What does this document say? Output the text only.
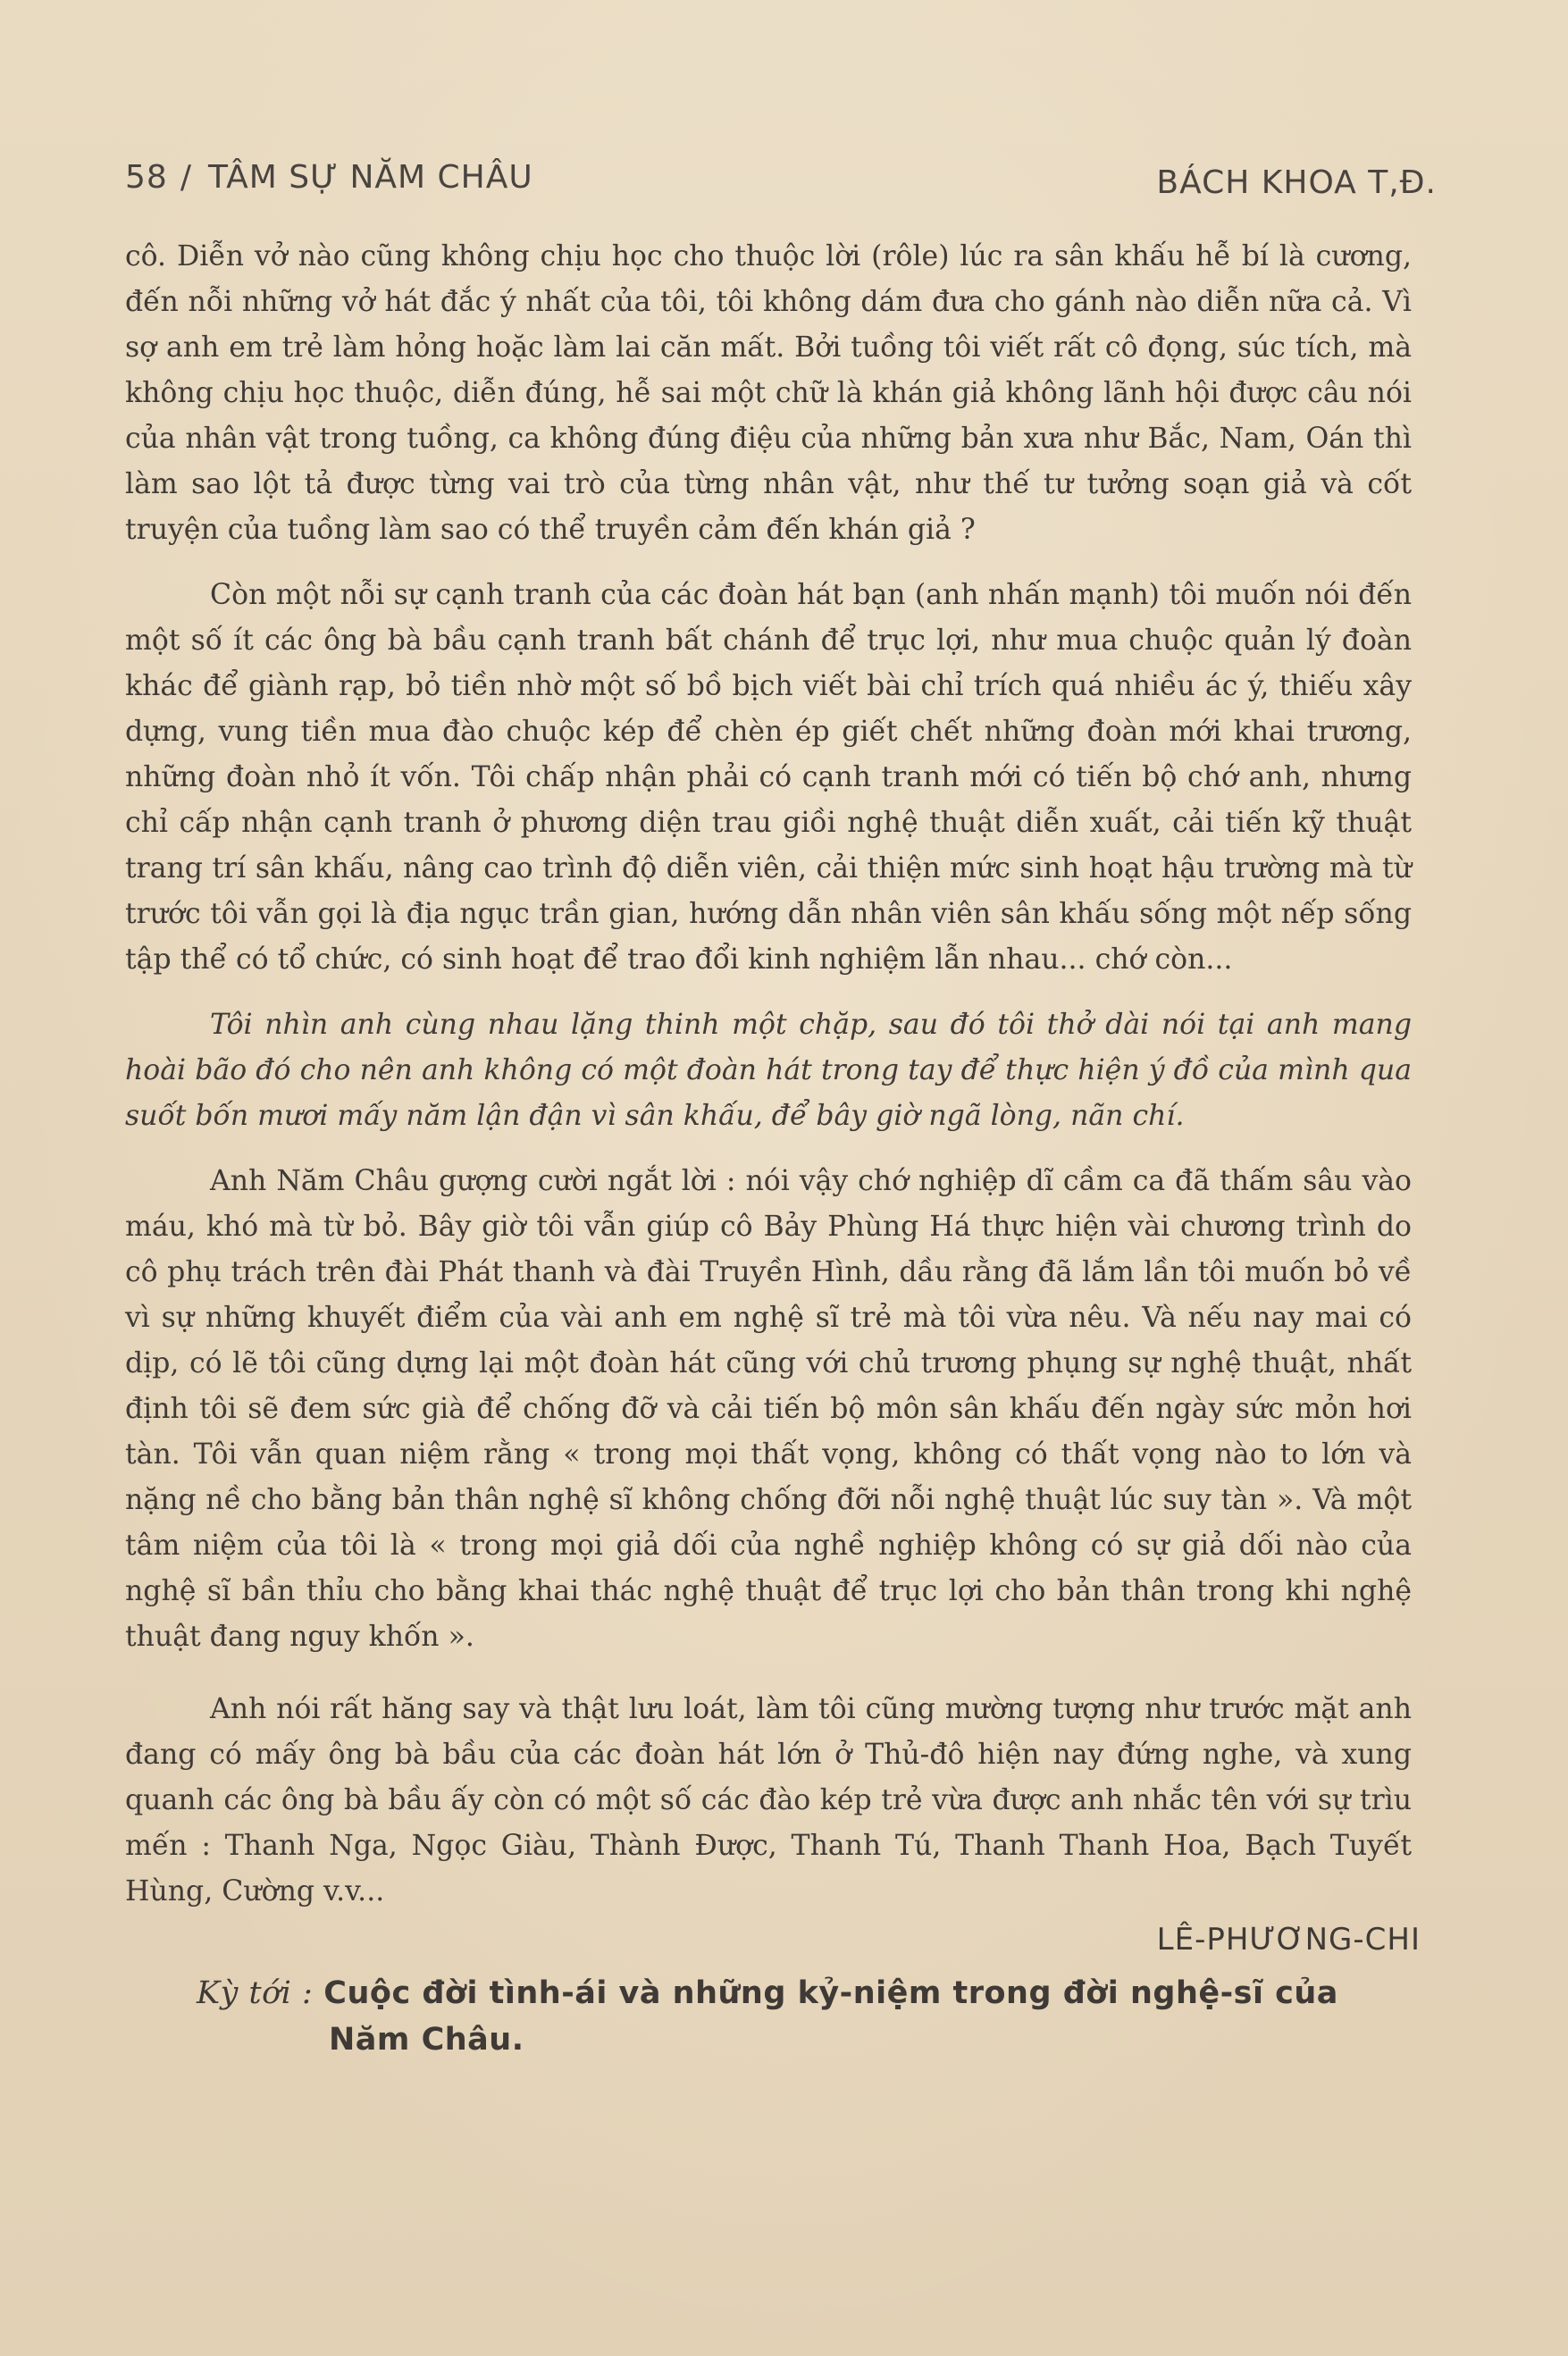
58 / TÂM SỰ NĂM CHÂU	BÁCH KHOA T,Đ.

cô. Diễn vở nào cũng không chịu học cho thuộc lời (rôle) lúc ra sân khấu hễ bí là cương, đến nỗi những vở hát đắc ý nhất của tôi, tôi không dám đưa cho gánh nào diễn nữa cả. Vì sợ anh em trẻ làm hỏng hoặc làm lai căn mất. Bởi tuồng tôi viết rất cô đọng, súc tích, mà không chịu học thuộc, diễn đúng, hễ sai một chữ là khán giả không lãnh hội được câu nói của nhân vật trong tuồng, ca không đúng điệu của những bản xưa như Bắc, Nam, Oán thì làm sao lột tả được từng vai trò của từng nhân vật, như thế tư tưởng soạn giả và cốt truyện của tuồng làm sao có thể truyền cảm đến khán giả ?

Còn một nỗi sự cạnh tranh của các đoàn hát bạn (anh nhấn mạnh) tôi muốn nói đến một số ít các ông bà bầu cạnh tranh bất chánh để trục lợi, như mua chuộc quản lý đoàn khác để giành rạp, bỏ tiền nhờ một số bồ bịch viết bài chỉ trích quá nhiều ác ý, thiếu xây dựng, vung tiền mua đào chuộc kép để chèn ép giết chết những đoàn mới khai trương, những đoàn nhỏ ít vốn. Tôi chấp nhận phải có cạnh tranh mới có tiến bộ chớ anh, nhưng chỉ cấp nhận cạnh tranh ở phương diện trau giồi nghệ thuật diễn xuất, cải tiến kỹ thuật trang trí sân khấu, nâng cao trình độ diễn viên, cải thiện mức sinh hoạt hậu trường mà từ trước tôi vẫn gọi là địa ngục trần gian, hướng dẫn nhân viên sân khấu sống một nếp sống tập thể có tổ chức, có sinh hoạt để trao đổi kinh nghiệm lẫn nhau... chớ còn...

Tôi nhìn anh cùng nhau lặng thinh một chặp, sau đó tôi thở dài nói tại anh mang hoài bão đó cho nên anh không có một đoàn hát trong tay để thực hiện ý đồ của mình qua suốt bốn mươi mấy năm lận đận vì sân khấu, để bây giờ ngã lòng, nãn chí.

Anh Năm Châu gượng cười ngắt lời : nói vậy chớ nghiệp dĩ cầm ca đã thấm sâu vào máu, khó mà từ bỏ. Bây giờ tôi vẫn giúp cô Bảy Phùng Há thực hiện vài chương trình do cô phụ trách trên đài Phát thanh và đài Truyền Hình, dầu rằng đã lắm lần tôi muốn bỏ về vì sự những khuyết điểm của vài anh em nghệ sĩ trẻ mà tôi vừa nêu. Và nếu nay mai có dịp, có lẽ tôi cũng dựng lại một đoàn hát cũng với chủ trương phụng sự nghệ thuật, nhất định tôi sẽ đem sức già để chống đỡ và cải tiến bộ môn sân khấu đến ngày sức mỏn hơi tàn. Tôi vẫn quan niệm rằng « trong mọi thất vọng, không có thất vọng nào to lớn và nặng nề cho bằng bản thân nghệ sĩ không chống đỡi nỗi nghệ thuật lúc suy tàn ». Và một tâm niệm của tôi là « trong mọi giả dối của nghề nghiệp không có sự giả dối nào của nghệ sĩ bần thỉu cho bằng khai thác nghệ thuật để trục lợi cho bản thân trong khi nghệ thuật đang nguy khốn ».

Anh nói rất hăng say và thật lưu loát, làm tôi cũng mường tượng như trước mặt anh đang có mấy ông bà bầu của các đoàn hát lớn ở Thủ-đô hiện nay đứng nghe, và xung quanh các ông bà bầu ấy còn có một số các đào kép trẻ vừa được anh nhắc tên với sự trìu mến : Thanh Nga, Ngọc Giàu, Thành Được, Thanh Tú, Thanh Thanh Hoa, Bạch Tuyết Hùng, Cường v.v...

LÊ-PHƯƠNG-CHI
Kỳ tới : Cuộc đời tình-ái và những kỷ-niệm trong đời nghệ-sĩ của
Năm Châu.
